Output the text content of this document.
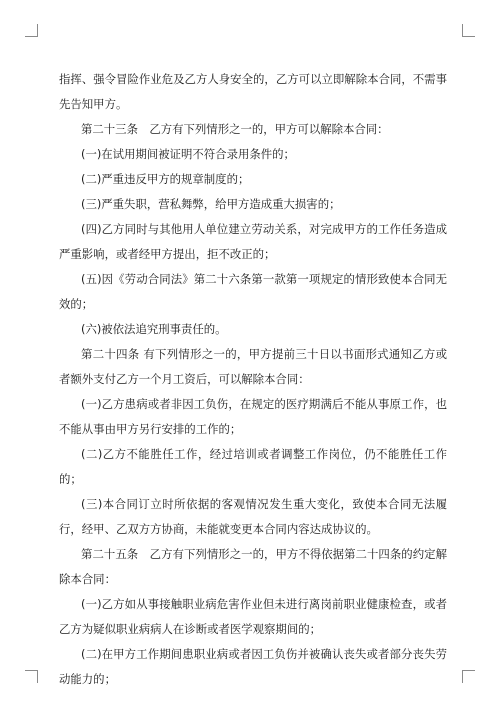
指挥、强令冒险作业危及乙方人身安全的，乙方可以立即解除本合同，不需事先告知甲方。

第二十三条　乙方有下列情形之一的，甲方可以解除本合同：

(一)在试用期间被证明不符合录用条件的；

(二)严重违反甲方的规章制度的；

(三)严重失职，营私舞弊，给甲方造成重大损害的；

(四)乙方同时与其他用人单位建立劳动关系，对完成甲方的工作任务造成严重影响，或者经甲方提出，拒不改正的；

(五)因《劳动合同法》第二十六条第一款第一项规定的情形致使本合同无效的；

(六)被依法追究刑事责任的。

第二十四条 有下列情形之一的，甲方提前三十日以书面形式通知乙方或者额外支付乙方一个月工资后，可以解除本合同：

(一)乙方患病或者非因工负伤，在规定的医疗期满后不能从事原工作，也不能从事由甲方另行安排的工作的；

(二)乙方不能胜任工作，经过培训或者调整工作岗位，仍不能胜任工作的；

(三)本合同订立时所依据的客观情况发生重大变化，致使本合同无法履行，经甲、乙双方方协商，未能就变更本合同内容达成协议的。

第二十五条　乙方有下列情形之一的，甲方不得依据第二十四条的约定解除本合同：

(一)乙方如从事接触职业病危害作业但未进行离岗前职业健康检查，或者乙方为疑似职业病病人在诊断或者医学观察期间的；

(二)在甲方工作期间患职业病或者因工负伤并被确认丧失或者部分丧失劳动能力的；
